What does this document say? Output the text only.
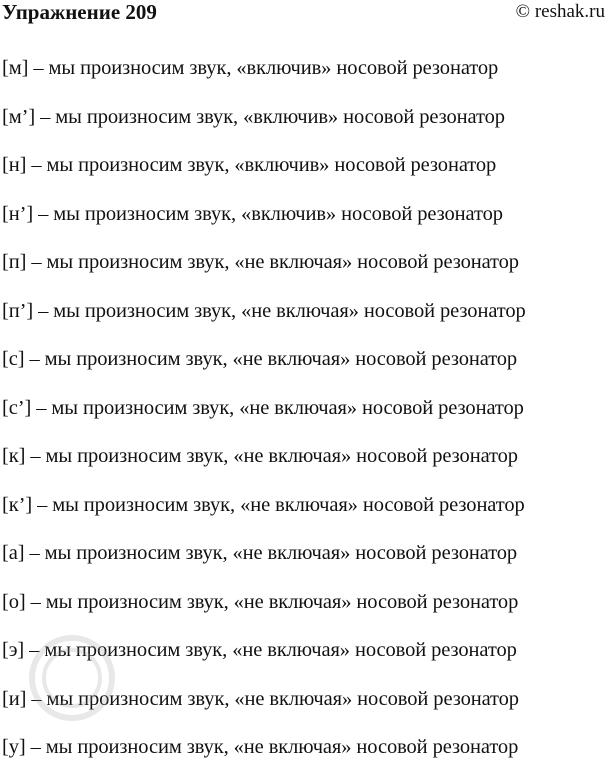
Упражнение 209	© reshak.ru
[м] – мы произносим звук, «включив» носовой резонатор
[м’] – мы произносим звук, «включив» носовой резонатор
[н] – мы произносим звук, «включив» носовой резонатор
[н’] – мы произносим звук, «включив» носовой резонатор
[п] – мы произносим звук, «не включая» носовой резонатор
[п’] – мы произносим звук, «не включая» носовой резонатор
[с] – мы произносим звук, «не включая» носовой резонатор
[с’] – мы произносим звук, «не включая» носовой резонатор
[к] – мы произносим звук, «не включая» носовой резонатор
[к’] – мы произносим звук, «не включая» носовой резонатор
[а] – мы произносим звук, «не включая» носовой резонатор
[о] – мы произносим звук, «не включая» носовой резонатор
[э] – мы произносим звук, «не включая» носовой резонатор
[и] – мы произносим звук, «не включая» носовой резонатор
[у] – мы произносим звук, «не включая» носовой резонатор
